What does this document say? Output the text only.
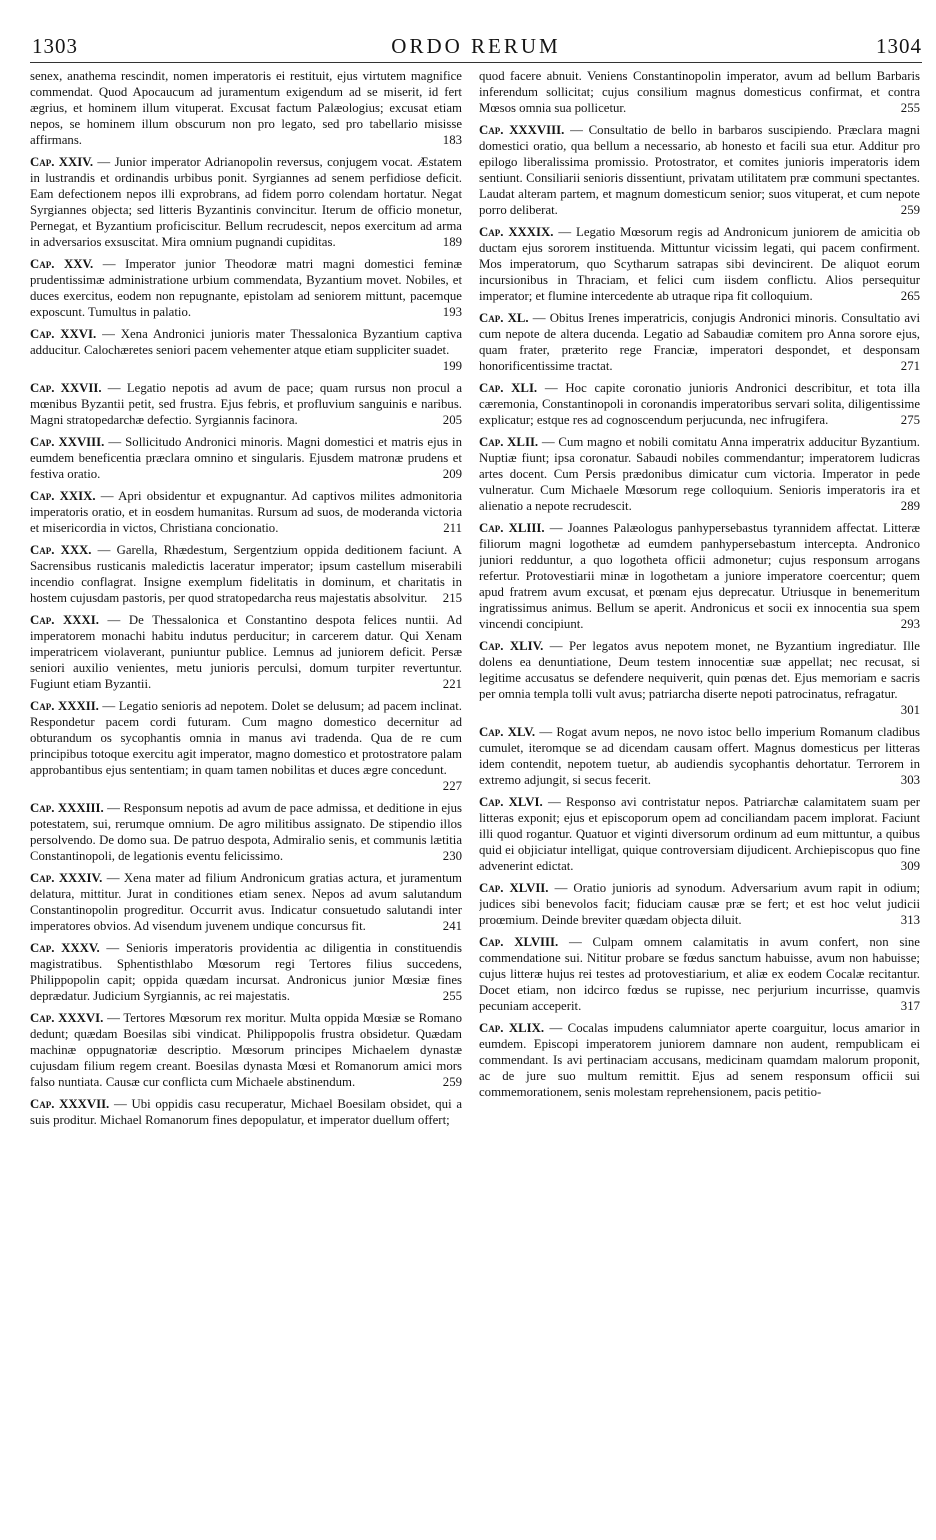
1303	ORDO RERUM	1304

senex, anathema rescindit, nomen imperatoris ei restituit, ejus virtutem magnifice commendat. Quod Apocaucum ad juramentum exigendum ad se miserit, id fert ægrius, et hominem illum vituperat. Excusat factum Palæologius; excusat etiam nepos, se hominem illum obscurum non pro legato, sed pro tabellario misisse affirmans.	183

Cap. XXIV. — Junior imperator Adrianopolin reversus, conjugem vocat. Æstatem in lustrandis et ordinandis urbibus ponit. Syrgiannes ad senem perfidiose deficit. Eam defectionem nepos illi exprobrans, ad fidem porro colendam hortatur. Negat Syrgiannes objecta; sed litteris Byzantinis convincitur. Iterum de officio monetur, Pernegat, et Byzantium proficiscitur. Bellum recrudescit, nepos exercitum ad arma in adversarios exsuscitat. Mira omnium pugnandi cupiditas.	189

Cap. XXV. — Imperator junior Theodoræ matri magni domestici feminæ prudentissimæ administratione urbium commendata, Byzantium movet. Nobiles, et duces exercitus, eodem non repugnante, epistolam ad seniorem mittunt, pacemque exposcunt. Tumultus in palatio.	193

Cap. XXVI. — Xena Andronici junioris mater Thessalonica Byzantium captiva adducitur. Calochæretes seniori pacem vehementer atque etiam suppliciter suadet.
199

Cap. XXVII. — Legatio nepotis ad avum de pace; quam rursus non procul a mœnibus Byzantii petit, sed frustra. Ejus febris, et profluvium sanguinis e naribus. Magni stratopedarchæ defectio. Syrgiannis facinora.	205

Cap. XXVIII. — Sollicitudo Andronici minoris. Magni domestici et matris ejus in eumdem beneficentia præclara omnino et singularis. Ejusdem matronæ prudens et festiva oratio.	209

Cap. XXIX. — Apri obsidentur et expugnantur. Ad captivos milites admonitoria imperatoris oratio, et in eosdem humanitas. Rursum ad suos, de moderanda victoria et misericordia in victos, Christiana concionatio.	211

Cap. XXX. — Garella, Rhædestum, Sergentzium oppida deditionem faciunt. A Sacrensibus rusticanis maledictis laceratur imperator; ipsum castellum miserabili incendio conflagrat. Insigne exemplum fidelitatis in dominum, et charitatis in hostem cujusdam pastoris, per quod stratopedarcha reus majestatis absolvitur.	215

Cap. XXXI. — De Thessalonica et Constantino despota felices nuntii. Ad imperatorem monachi habitu indutus perducitur; in carcerem datur. Qui Xenam imperatricem violaverant, puniuntur publice. Lemnus ad juniorem deficit. Persæ seniori auxilio venientes, metu junioris perculsi, domum turpiter revertuntur. Fugiunt etiam Byzantii.	221

Cap. XXXII. — Legatio senioris ad nepotem. Dolet se delusum; ad pacem inclinat. Respondetur pacem cordi futuram. Cum magno domestico decernitur ad obturandum os sycophantis omnia in manus avi tradenda. Qua de re cum principibus totoque exercitu agit imperator, magno domestico et protostratore palam approbantibus ejus sententiam; in quam tamen nobilitas et duces ægre concedunt.
227

Cap. XXXIII. — Responsum nepotis ad avum de pace admissa, et deditione in ejus potestatem, sui, rerumque omnium. De agro militibus assignato. De stipendio illos persolvendo. De domo sua. De patruo despota, Admiralio senis, et communis lætitia Constantinopoli, de legationis eventu felicissimo.	230

Cap. XXXIV. — Xena mater ad filium Andronicum gratias actura, et juramentum delatura, mittitur. Jurat in conditiones etiam senex. Nepos ad avum salutandum Constantinopolin progreditur. Occurrit avus. Indicatur consuetudo salutandi inter imperatores obvios. Ad visendum juvenem undique concursus fit.	241

Cap. XXXV. — Senioris imperatoris providentia ac diligentia in constituendis magistratibus. Sphentisthlabo Mœsorum regi Tertores filius succedens, Philippopolin capit; oppida quædam incursat. Andronicus junior Mœsiæ fines deprædatur. Judicium Syrgiannis, ac rei majestatis.	255

Cap. XXXVI. — Tertores Mœsorum rex moritur. Multa oppida Mœsiæ se Romano dedunt; quædam Boesilas sibi vindicat. Philippopolis frustra obsidetur. Quædam machinæ oppugnatoriæ descriptio. Mœsorum principes Michaelem dynastæ cujusdam filium regem creant. Boesilas dynasta Mœsi et Romanorum amici mors falso nuntiata. Causæ cur conflicta cum Michaele abstinendum.	259

Cap. XXXVII. — Ubi oppidis casu recuperatur, Michael Boesilam obsidet, qui a suis proditur. Michael Romanorum fines depopulatur, et imperator duellum offert;

quod facere abnuit. Veniens Constantinopolin imperator, avum ad bellum Barbaris inferendum sollicitat; cujus consilium magnus domesticus confirmat, et contra Mœsos omnia sua pollicetur.	255

Cap. XXXVIII. — Consultatio de bello in barbaros suscipiendo. Præclara magni domestici oratio, qua bellum a necessario, ab honesto et facili sua etur. Additur pro epilogo liberalissima promissio. Protostrator, et comites junioris imperatoris idem sentiunt. Consiliarii senioris dissentiunt, privatam utilitatem præ communi spectantes. Laudat alteram partem, et magnum domesticum senior; suos vituperat, et cum nepote porro deliberat.	259

Cap. XXXIX. — Legatio Mœsorum regis ad Andronicum juniorem de amicitia ob ductam ejus sororem instituenda. Mittuntur vicissim legati, qui pacem confirment. Mos imperatorum, quo Scytharum satrapas sibi devincirent. De aliquot eorum incursionibus in Thraciam, et felici cum iisdem conflictu. Alios persequitur imperator; et flumine intercedente ab utraque ripa fit colloquium.	265

Cap. XL. — Obitus Irenes imperatricis, conjugis Andronici minoris. Consultatio avi cum nepote de altera ducenda. Legatio ad Sabaudiæ comitem pro Anna sorore ejus, quam frater, præterito rege Franciæ, imperatori despondet, et desponsam honorificentissime tractat.	271

Cap. XLI. — Hoc capite coronatio junioris Andronici describitur, et tota illa cæremonia, Constantinopoli in coronandis imperatoribus servari solita, diligentissime explicatur; estque res ad cognoscendum perjucunda, nec infrugifera.	275

Cap. XLII. — Cum magno et nobili comitatu Anna imperatrix adducitur Byzantium. Nuptiæ fiunt; ipsa coronatur. Sabaudi nobiles commendantur; imperatorem ludicras artes docent. Cum Persis prædonibus dimicatur cum victoria. Imperator in pede vulneratur. Cum Michaele Mœsorum rege colloquium. Senioris imperatoris ira et alienatio a nepote recrudescit.	289

Cap. XLIII. — Joannes Palæologus panhypersebastus tyrannidem affectat. Litteræ filiorum magni logothetæ ad eumdem panhypersebastum intercepta. Andronico juniori redduntur, a quo logotheta officii admonetur; cujus responsum arrogans refertur. Protovestiarii minæ in logothetam a juniore imperatore coercentur; quem apud fratrem avum excusat, et pœnam ejus deprecatur. Utriusque in benemeritum ingratissimus animus. Bellum se aperit. Andronicus et socii ex innocentia sua spem vincendi concipiunt.	293

Cap. XLIV. — Per legatos avus nepotem monet, ne Byzantium ingrediatur. Ille dolens ea denuntiatione, Deum testem innocentiæ suæ appellat; nec recusat, si legitime accusatus se defendere nequiverit, quin pœnas det. Ejus memoriam e sacris per omnia templa tolli vult avus; patriarcha diserte nepoti patrocinatus, refragatur.
301

Cap. XLV. — Rogat avum nepos, ne novo istoc bello imperium Romanum cladibus cumulet, iteromque se ad dicendam causam offert. Magnus domesticus per litteras idem contendit, nepotem tuetur, ab audiendis sycophantis dehortatur. Terrorem in extremo adjungit, si secus fecerit.	303

Cap. XLVI. — Responso avi contristatur nepos. Patriarchæ calamitatem suam per litteras exponit; ejus et episcoporum opem ad conciliandam pacem implorat. Faciunt illi quod rogantur. Quatuor et viginti diversorum ordinum ad eum mittuntur, a quibus quid ei objiciatur intelligat, quique controversiam dijudicent. Archiepiscopus quo fine advenerint edictat.	309

Cap. XLVII. — Oratio junioris ad synodum. Adversarium avum rapit in odium; judices sibi benevolos facit; fiduciam causæ præ se fert; et est hoc velut judicii proœmium. Deinde breviter quædam objecta diluit.	313

Cap. XLVIII. — Culpam omnem calamitatis in avum confert, non sine commendatione sui. Nititur probare se fœdus sanctum habuisse, avum non habuisse; cujus litteræ hujus rei testes ad protovestiarium, et aliæ ex eodem Cocalæ recitantur. Docet etiam, non idcirco fœdus se rupisse, nec perjurium incurrisse, quamvis pecuniam acceperit.	317

Cap. XLIX. — Cocalas impudens calumniator aperte coarguitur, locus amarior in eumdem. Episcopi imperatorem juniorem damnare non audent, rempublicam ei commendant. Is avi pertinaciam accusans, medicinam quamdam malorum proponit, ac de jure suo multum remittit. Ejus ad senem responsum officii sui commemorationem, senis molestam reprehensionem, pacis petitio-
